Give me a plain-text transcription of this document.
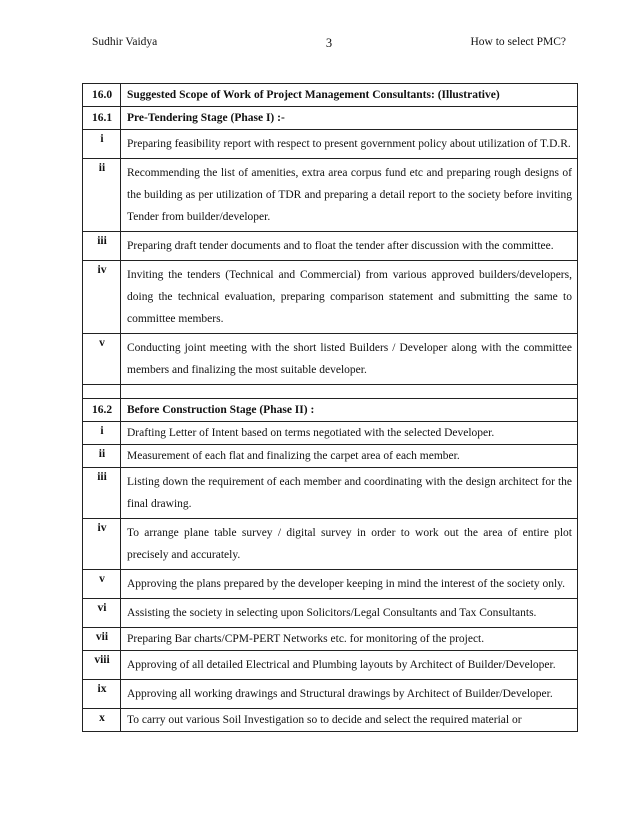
Sudhir Vaidya	3	How to select PMC?
16.0	Suggested Scope of Work of Project Management Consultants: (Illustrative)
16.1	Pre-Tendering Stage (Phase I) :-
i	Preparing feasibility report with respect to present government policy about utilization of T.D.R.
ii	Recommending the list of amenities, extra area corpus fund etc and preparing rough designs of the building as per utilization of TDR and preparing a detail report to the society before inviting Tender from builder/developer.
iii	Preparing draft tender documents and to float the tender after discussion with the committee.
iv	Inviting the tenders (Technical and Commercial) from various approved builders/developers, doing the technical evaluation, preparing comparison statement and submitting the same to committee members.
v	Conducting joint meeting with the short listed Builders / Developer along with the committee members and finalizing the most suitable developer.

16.2	Before Construction Stage (Phase II) :
i	Drafting Letter of Intent based on terms negotiated with the selected Developer.
ii	Measurement of each flat and finalizing the carpet area of each member.
iii	Listing down the requirement of each member and coordinating with the design architect for the final drawing.
iv	To arrange plane table survey / digital survey in order to work out the area of entire plot precisely and accurately.
v	Approving the plans prepared by the developer keeping in mind the interest of the society only.
vi	Assisting the society in selecting upon Solicitors/Legal Consultants and Tax Consultants.
vii	Preparing Bar charts/CPM-PERT Networks etc. for monitoring of the project.
viii	Approving of all detailed Electrical and Plumbing layouts by Architect of Builder/Developer.
ix	Approving all working drawings and Structural drawings by Architect of Builder/Developer.
x	To carry out various Soil Investigation so to decide and select the required material or
